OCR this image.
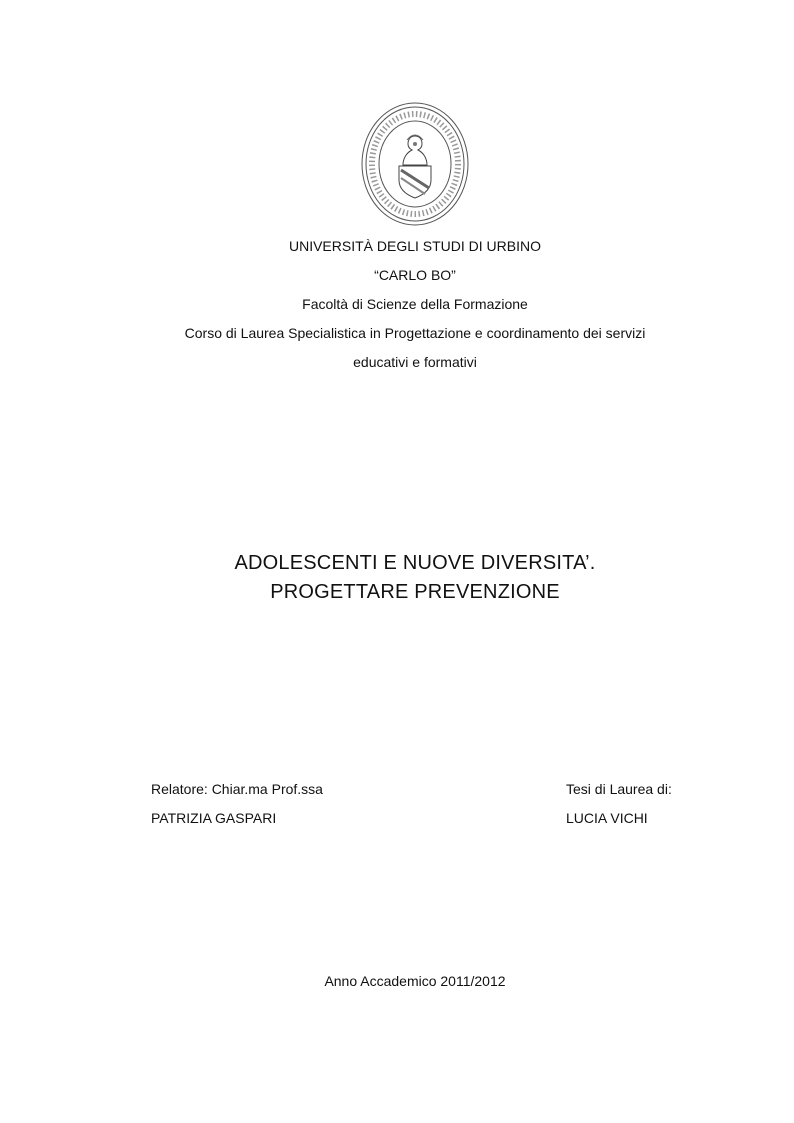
UNIVERSITÀ DEGLI STUDI DI URBINO
“CARLO BO”
Facoltà di Scienze della Formazione
Corso di Laurea Specialistica in Progettazione e coordinamento dei servizi
educativi e formativi
ADOLESCENTI E NUOVE DIVERSITA’.
PROGETTARE PREVENZIONE
Relatore: Chiar.ma Prof.ssa
PATRIZIA GASPARI
Tesi di Laurea di:
LUCIA VICHI
Anno Accademico 2011/2012
